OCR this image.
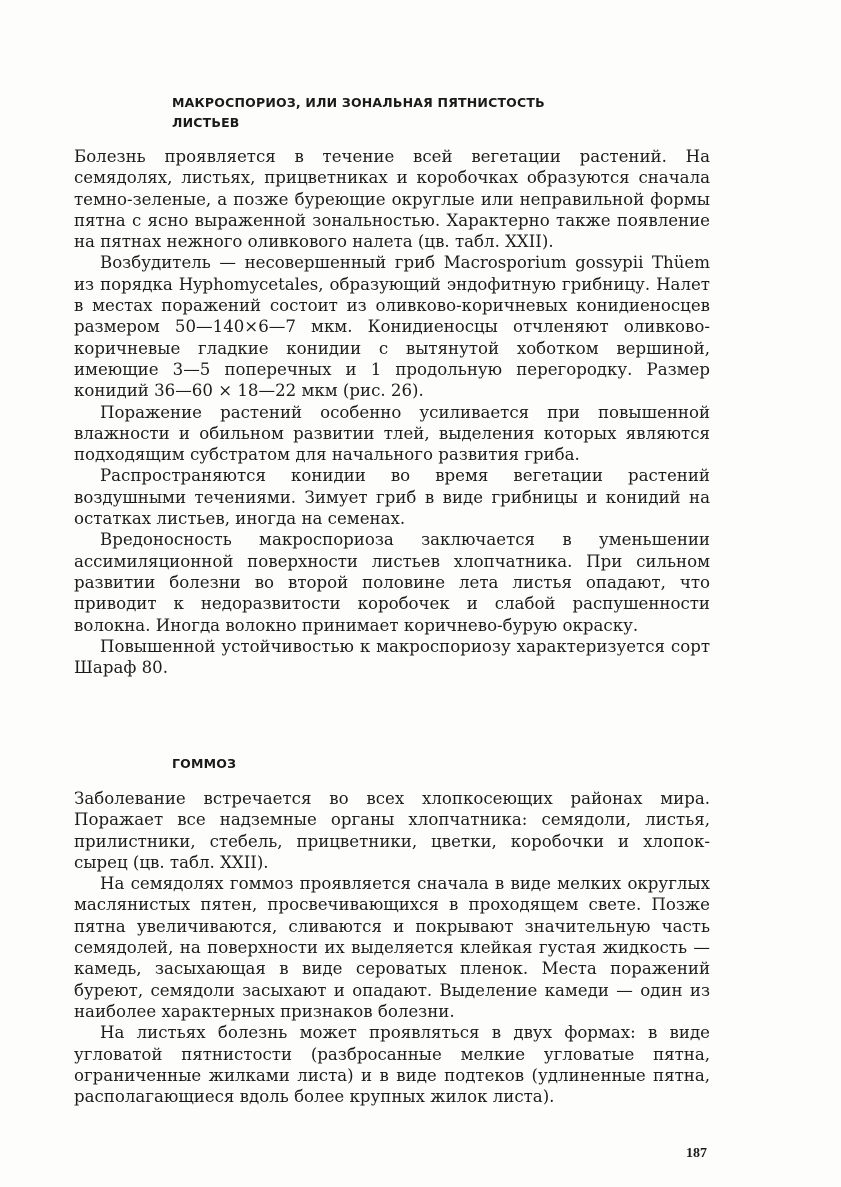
МАКРОСПОРИОЗ, ИЛИ ЗОНАЛЬНАЯ ПЯТНИСТОСТЬ
ЛИСТЬЕВ

Болезнь проявляется в течение всей вегетации растений. На семядолях, листьях, прицветниках и коробочках образуются сначала темно-зеленые, а позже буреющие округлые или неправильной формы пятна с ясно выраженной зональностью. Характерно также появление на пятнах нежного оливкового налета (цв. табл. XXII).

Возбудитель — несовершенный гриб Macrosporium gossypii Thüem из порядка Hyphomycetales, образующий эндофитную грибницу. Налет в местах поражений состоит из оливково-коричневых конидиеносцев размером 50—140×6—7 мкм. Конидиеносцы отчленяют оливково-коричневые гладкие конидии с вытянутой хоботком вершиной, имеющие 3—5 поперечных и 1 продольную перегородку. Размер конидий 36—60 × 18—22 мкм (рис. 26).

Поражение растений особенно усиливается при повышенной влажности и обильном развитии тлей, выделения которых являются подходящим субстратом для начального развития гриба.

Распространяются конидии во время вегетации растений воздушными течениями. Зимует гриб в виде грибницы и конидий на остатках листьев, иногда на семенах.

Вредоносность макроспориоза заключается в уменьшении ассимиляционной поверхности листьев хлопчатника. При сильном развитии болезни во второй половине лета листья опадают, что приводит к недоразвитости коробочек и слабой распушенности волокна. Иногда волокно принимает коричнево-бурую окраску.

Повышенной устойчивостью к макроспориозу характеризуется сорт Шараф 80.

ГОММОЗ

Заболевание встречается во всех хлопкосеющих районах мира. Поражает все надземные органы хлопчатника: семядоли, листья, прилистники, стебель, прицветники, цветки, коробочки и хлопок-сырец (цв. табл. XXII).

На семядолях гоммоз проявляется сначала в виде мелких округлых маслянистых пятен, просвечивающихся в проходящем свете. Позже пятна увеличиваются, сливаются и покрывают значительную часть семядолей, на поверхности их выделяется клейкая густая жидкость — камедь, засыхающая в виде сероватых пленок. Места поражений буреют, семядоли засыхают и опадают. Выделение камеди — один из наиболее характерных признаков болезни.

На листьях болезнь может проявляться в двух формах: в виде угловатой пятнистости (разбросанные мелкие угловатые пятна, ограниченные жилками листа) и в виде подтеков (удлиненные пятна, располагающиеся вдоль более крупных жилок листа).

187
